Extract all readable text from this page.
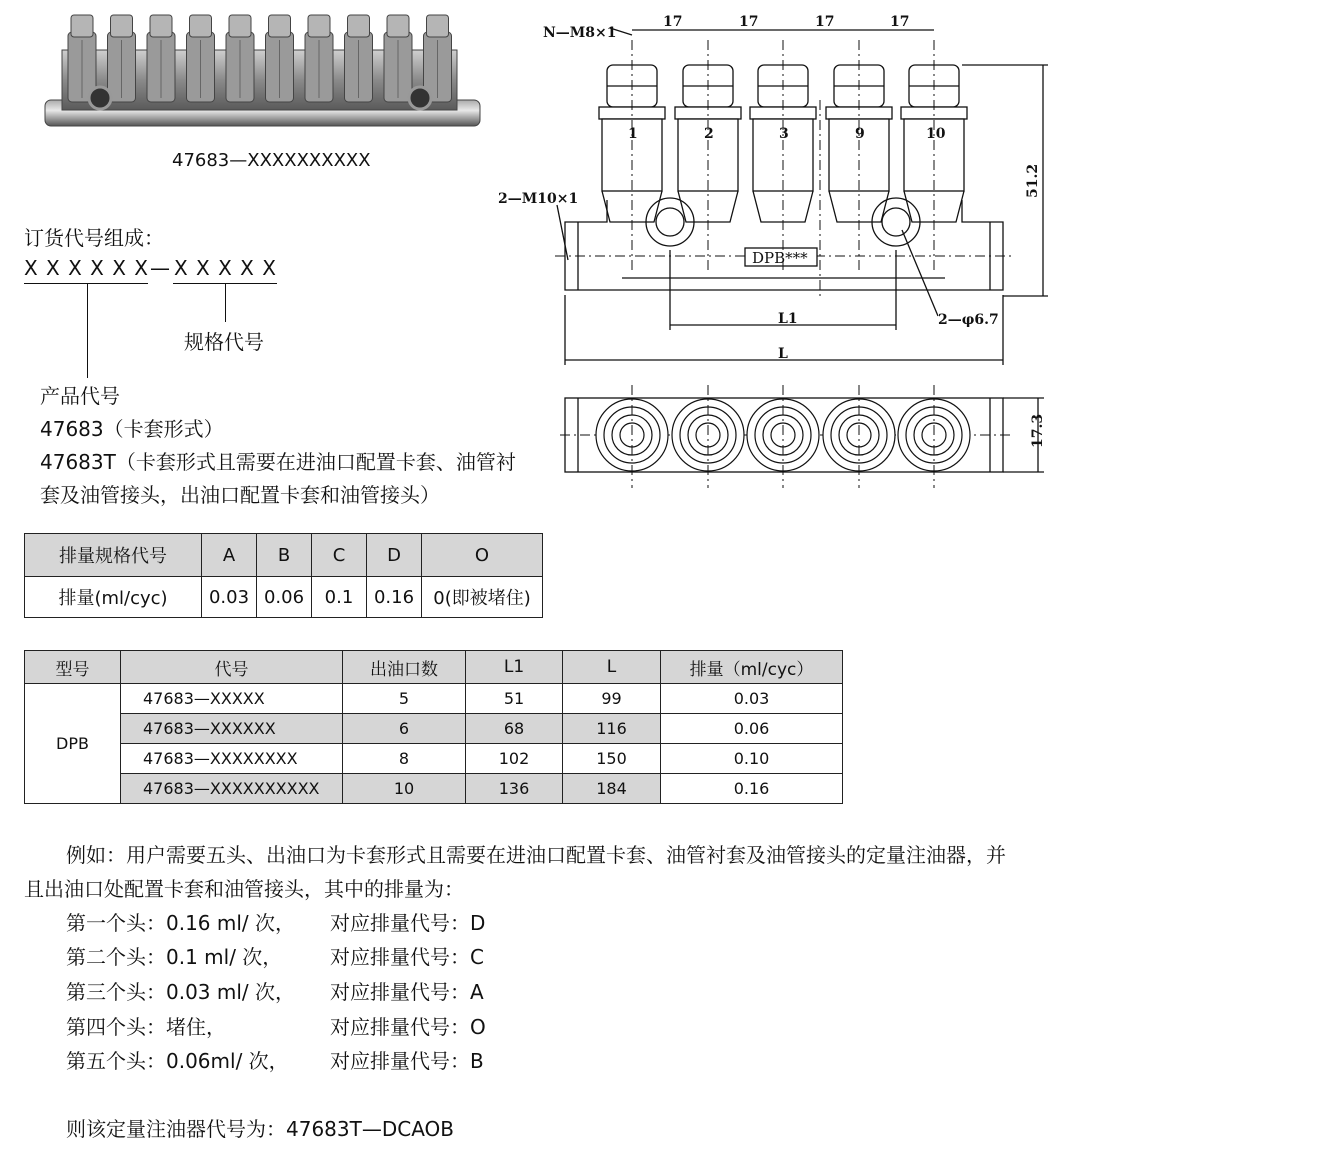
47683—XXXXXXXXXX
订货代号组成：
X X X X X X — X X X X X
规格代号
产品代号
47683（卡套形式）
47683T（卡套形式且需要在进油口配置卡套、油管衬
套及油管接头，出油口配置卡套和油管接头）
排量规格代号	A	B	C	D	O
排量(ml/cyc)	0.03	0.06	0.1	0.16	0(即被堵住)
型号	代号	出油口数	L1	L	排量（ml/cyc）
DPB	47683—XXXXX	5	51	99	0.03
	47683—XXXXXX	6	68	116	0.06
	47683—XXXXXXXX	8	102	150	0.10
	47683—XXXXXXXXXX	10	136	184	0.16
例如：用户需要五头、出油口为卡套形式且需要在进油口配置卡套、油管衬套及油管接头的定量注油器，并
且出油口处配置卡套和油管接头，其中的排量为：
第一个头：0.16 ml/ 次， 对应排量代号：D
第二个头：0.1 ml/ 次， 对应排量代号：C
第三个头：0.03 ml/ 次， 对应排量代号：A
第四个头：堵住，	对应排量代号：O
第五个头：0.06ml/ 次， 对应排量代号：B
则该定量注油器代号为：47683T—DCAOB
1	2	3	9	10
N—M8×1
2—M10×1
L1
L
2—φ6.7
17	17	17	17
51.2
17.3
DPB***
